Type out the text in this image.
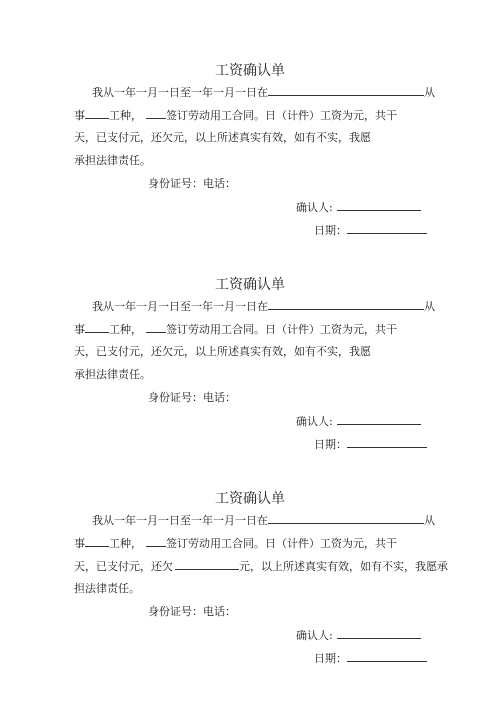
工资确认单
我从一年一月一日至一年一月一日在	从
事 工种， 签订劳动用工合同。日（计件）工资为元，共干
天，已支付元，还欠元，以上所述真实有效，如有不实，我愿
承担法律责任。
身份证号：电话：
确认人:
日期：
工资确认单
我从一年一月一日至一年一月一日在	从
事 工种， 签订劳动用工合同。日（计件）工资为元，共干
天，已支付元，还欠元，以上所述真实有效，如有不实，我愿
承担法律责任。
身份证号：电话：
确认人:
日期：
工资确认单
我从一年一月一日至一年一月一日在	从
事 工种， 签订劳动用工合同。日（计件）工资为元，共干
天，已支付元，还欠	元，以上所述真实有效，如有不实，我愿承
担法律责任。
身份证号：电话：
确认人:
日期：
